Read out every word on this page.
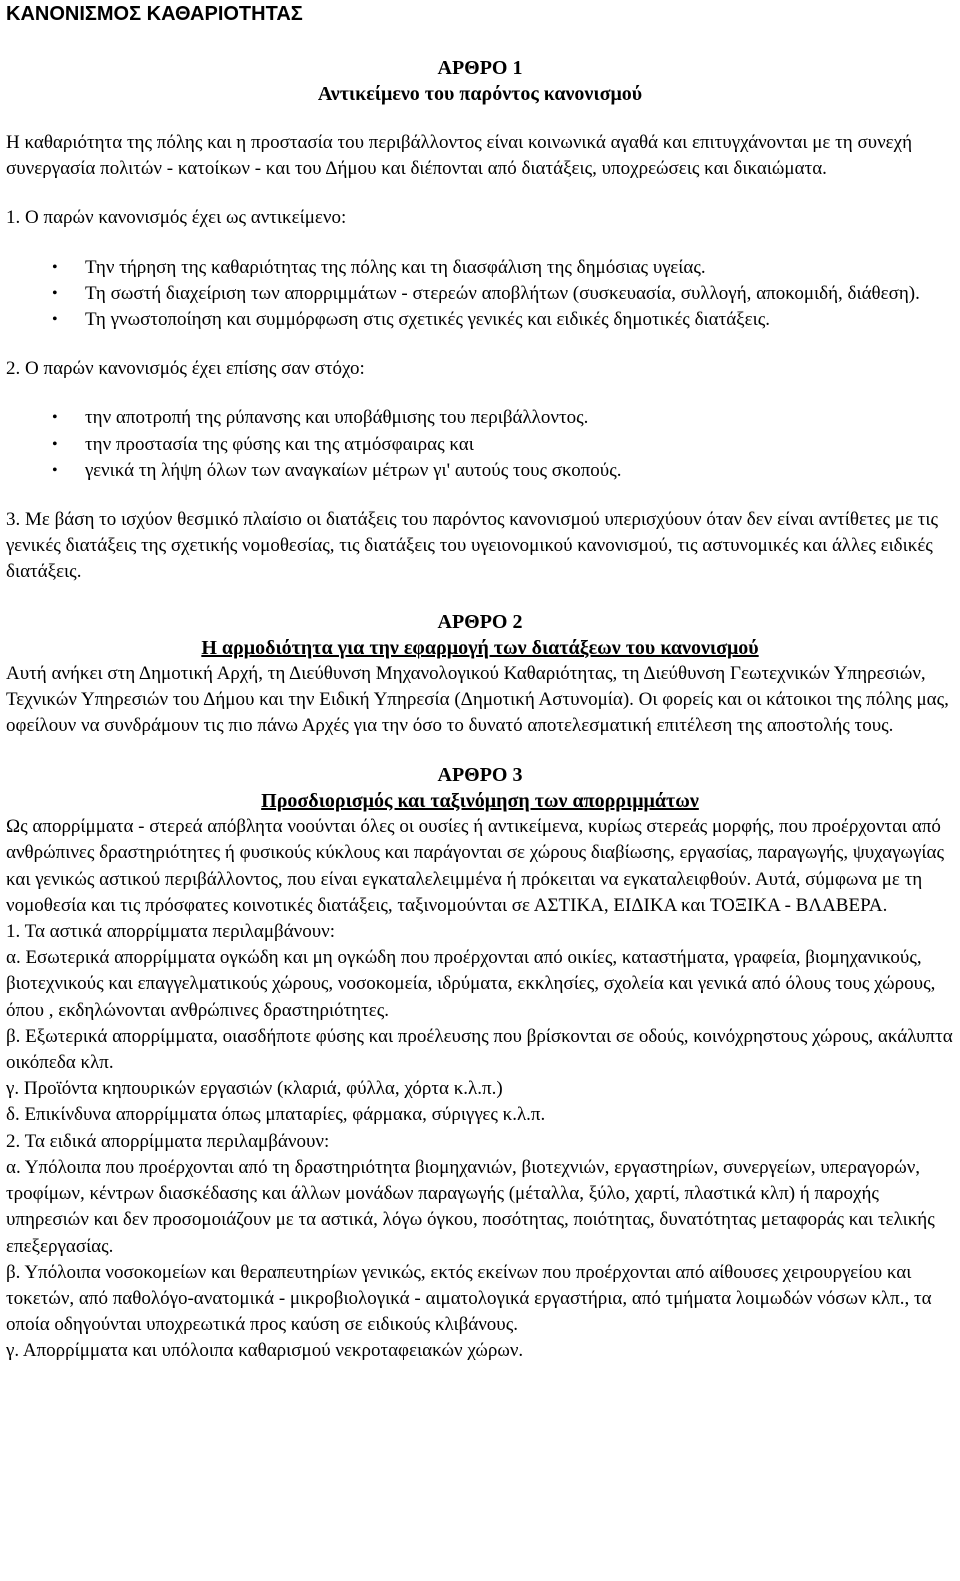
ΚΑΝΟΝΙΣΜΟΣ ΚΑΘΑΡΙΟΤΗΤΑΣ
ΑΡΘΡΟ 1
Αντικείμενο του παρόντος κανονισμού

Η καθαριότητα της πόλης και η προστασία του περιβάλλοντος είναι κοινωνικά αγαθά και επιτυγχάνονται με τη συνεχή συνεργασία πολιτών - κατοίκων - και του Δήμου και διέπονται από διατάξεις, υποχρεώσεις και δικαιώματα.

1. Ο παρών κανονισμός έχει ως αντικείμενο:

• Την τήρηση της καθαριότητας της πόλης και τη διασφάλιση της δημόσιας υγείας.
• Τη σωστή διαχείριση των απορριμμάτων - στερεών αποβλήτων (συσκευασία, συλλογή, αποκομιδή, διάθεση).
• Τη γνωστοποίηση και συμμόρφωση στις σχετικές γενικές και ειδικές δημοτικές διατάξεις.

2. Ο παρών κανονισμός έχει επίσης σαν στόχο:

• την αποτροπή της ρύπανσης και υποβάθμισης του περιβάλλοντος.
• την προστασία της φύσης και της ατμόσφαιρας και
• γενικά τη λήψη όλων των αναγκαίων μέτρων γι' αυτούς τους σκοπούς.

3. Με βάση το ισχύον θεσμικό πλαίσιο οι διατάξεις του παρόντος κανονισμού υπερισχύουν όταν δεν είναι αντίθετες με τις γενικές διατάξεις της σχετικής νομοθεσίας, τις διατάξεις του υγειονομικού κανονισμού, τις αστυνομικές και άλλες ειδικές διατάξεις.

ΑΡΘΡΟ 2
Η αρμοδιότητα για την εφαρμογή των διατάξεων του κανονισμού

Αυτή ανήκει στη Δημοτική Αρχή, τη Διεύθυνση Μηχανολογικού Καθαριότητας, τη Διεύθυνση Γεωτεχνικών Υπηρεσιών, Τεχνικών Υπηρεσιών του Δήμου και την Ειδική Υπηρεσία (Δημοτική Αστυνομία). Οι φορείς και οι κάτοικοι της πόλης μας, οφείλουν να συνδράμουν τις πιο πάνω Αρχές για την όσο το δυνατό αποτελεσματική επιτέλεση της αποστολής τους.

ΑΡΘΡΟ 3
Προσδιορισμός και ταξινόμηση των απορριμμάτων

Ως απορρίμματα - στερεά απόβλητα νοούνται όλες οι ουσίες ή αντικείμενα, κυρίως στερεάς μορφής, που προέρχονται από ανθρώπινες δραστηριότητες ή φυσικούς κύκλους και παράγονται σε χώρους διαβίωσης, εργασίας, παραγωγής, ψυχαγωγίας και γενικώς αστικού περιβάλλοντος, που είναι εγκαταλελειμμένα ή πρόκειται να εγκαταλειφθούν. Αυτά, σύμφωνα με τη νομοθεσία και τις πρόσφατες κοινοτικές διατάξεις, ταξινομούνται σε ΑΣΤΙΚΑ, ΕΙΔΙΚΑ και ΤΟΞΙΚΑ - ΒΛΑΒΕΡΑ.

1. Τα αστικά απορρίμματα περιλαμβάνουν:

α. Εσωτερικά απορρίμματα ογκώδη και μη ογκώδη που προέρχονται από οικίες, καταστήματα, γραφεία, βιομηχανικούς, βιοτεχνικούς και επαγγελματικούς χώρους, νοσοκομεία, ιδρύματα, εκκλησίες, σχολεία και γενικά από όλους τους χώρους, όπου , εκδηλώνονται ανθρώπινες δραστηριότητες.

β. Εξωτερικά απορρίμματα, οιασδήποτε φύσης και προέλευσης που βρίσκονται σε οδούς, κοινόχρηστους χώρους, ακάλυπτα οικόπεδα κλπ.

γ. Προϊόντα κηπουρικών εργασιών (κλαριά, φύλλα, χόρτα κ.λ.π.)

δ. Επικίνδυνα απορρίμματα όπως μπαταρίες, φάρμακα, σύριγγες κ.λ.π.

2. Τα ειδικά απορρίμματα περιλαμβάνουν:

α. Υπόλοιπα που προέρχονται από τη δραστηριότητα βιομηχανιών, βιοτεχνιών, εργαστηρίων, συνεργείων, υπεραγορών, τροφίμων, κέντρων διασκέδασης και άλλων μονάδων παραγωγής (μέταλλα, ξύλο, χαρτί, πλαστικά κλπ) ή παροχής υπηρεσιών και δεν προσομοιάζουν με τα αστικά, λόγω όγκου, ποσότητας, ποιότητας, δυνατότητας μεταφοράς και τελικής επεξεργασίας.

β. Υπόλοιπα νοσοκομείων και θεραπευτηρίων γενικώς, εκτός εκείνων που προέρχονται από αίθουσες χειρουργείου και τοκετών, από παθολόγο-ανατομικά - μικροβιολογικά - αιματολογικά εργαστήρια, από τμήματα λοιμωδών νόσων κλπ., τα οποία οδηγούνται υποχρεωτικά προς καύση σε ειδικούς κλιβάνους.

γ. Απορρίμματα και υπόλοιπα καθαρισμού νεκροταφειακών χώρων.
